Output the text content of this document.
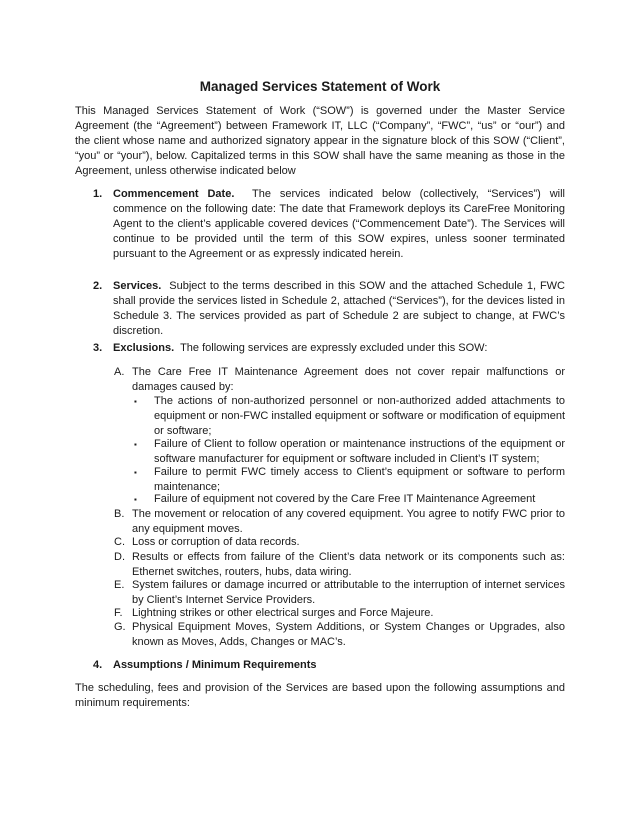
Managed Services Statement of Work
This Managed Services Statement of Work (“SOW”) is governed under the Master Service Agreement (the “Agreement”) between Framework IT, LLC (“Company”, “FWC”, “us” or “our”) and the client whose name and authorized signatory appear in the signature block of this SOW (“Client”, “you” or “your”), below. Capitalized terms in this SOW shall have the same meaning as those in the Agreement, unless otherwise indicated below
1. Commencement Date. The services indicated below (collectively, “Services”) will commence on the following date: The date that Framework deploys its CareFree Monitoring Agent to the client’s applicable covered devices (“Commencement Date”). The Services will continue to be provided until the term of this SOW expires, unless sooner terminated pursuant to the Agreement or as expressly indicated herein.
2. Services. Subject to the terms described in this SOW and the attached Schedule 1, FWC shall provide the services listed in Schedule 2, attached (“Services”), for the devices listed in Schedule 3. The services provided as part of Schedule 2 are subject to change, at FWC’s discretion.
3. Exclusions. The following services are expressly excluded under this SOW:
A. The Care Free IT Maintenance Agreement does not cover repair malfunctions or damages caused by:
▪	The actions of non-authorized personnel or non-authorized added attachments to equipment or non-FWC installed equipment or software or modification of equipment or software;
▪	Failure of Client to follow operation or maintenance instructions of the equipment or software manufacturer for equipment or software included in Client’s IT system;
▪	Failure to permit FWC timely access to Client’s equipment or software to perform maintenance;
▪	Failure of equipment not covered by the Care Free IT Maintenance Agreement
B. The movement or relocation of any covered equipment. You agree to notify FWC prior to any equipment moves.
C. Loss or corruption of data records.
D. Results or effects from failure of the Client’s data network or its components such as: Ethernet switches, routers, hubs, data wiring.
E. System failures or damage incurred or attributable to the interruption of internet services by Client’s Internet Service Providers.
F. Lightning strikes or other electrical surges and Force Majeure.
G. Physical Equipment Moves, System Additions, or System Changes or Upgrades, also known as Moves, Adds, Changes or MAC’s.
4. Assumptions / Minimum Requirements
The scheduling, fees and provision of the Services are based upon the following assumptions and minimum requirements:
